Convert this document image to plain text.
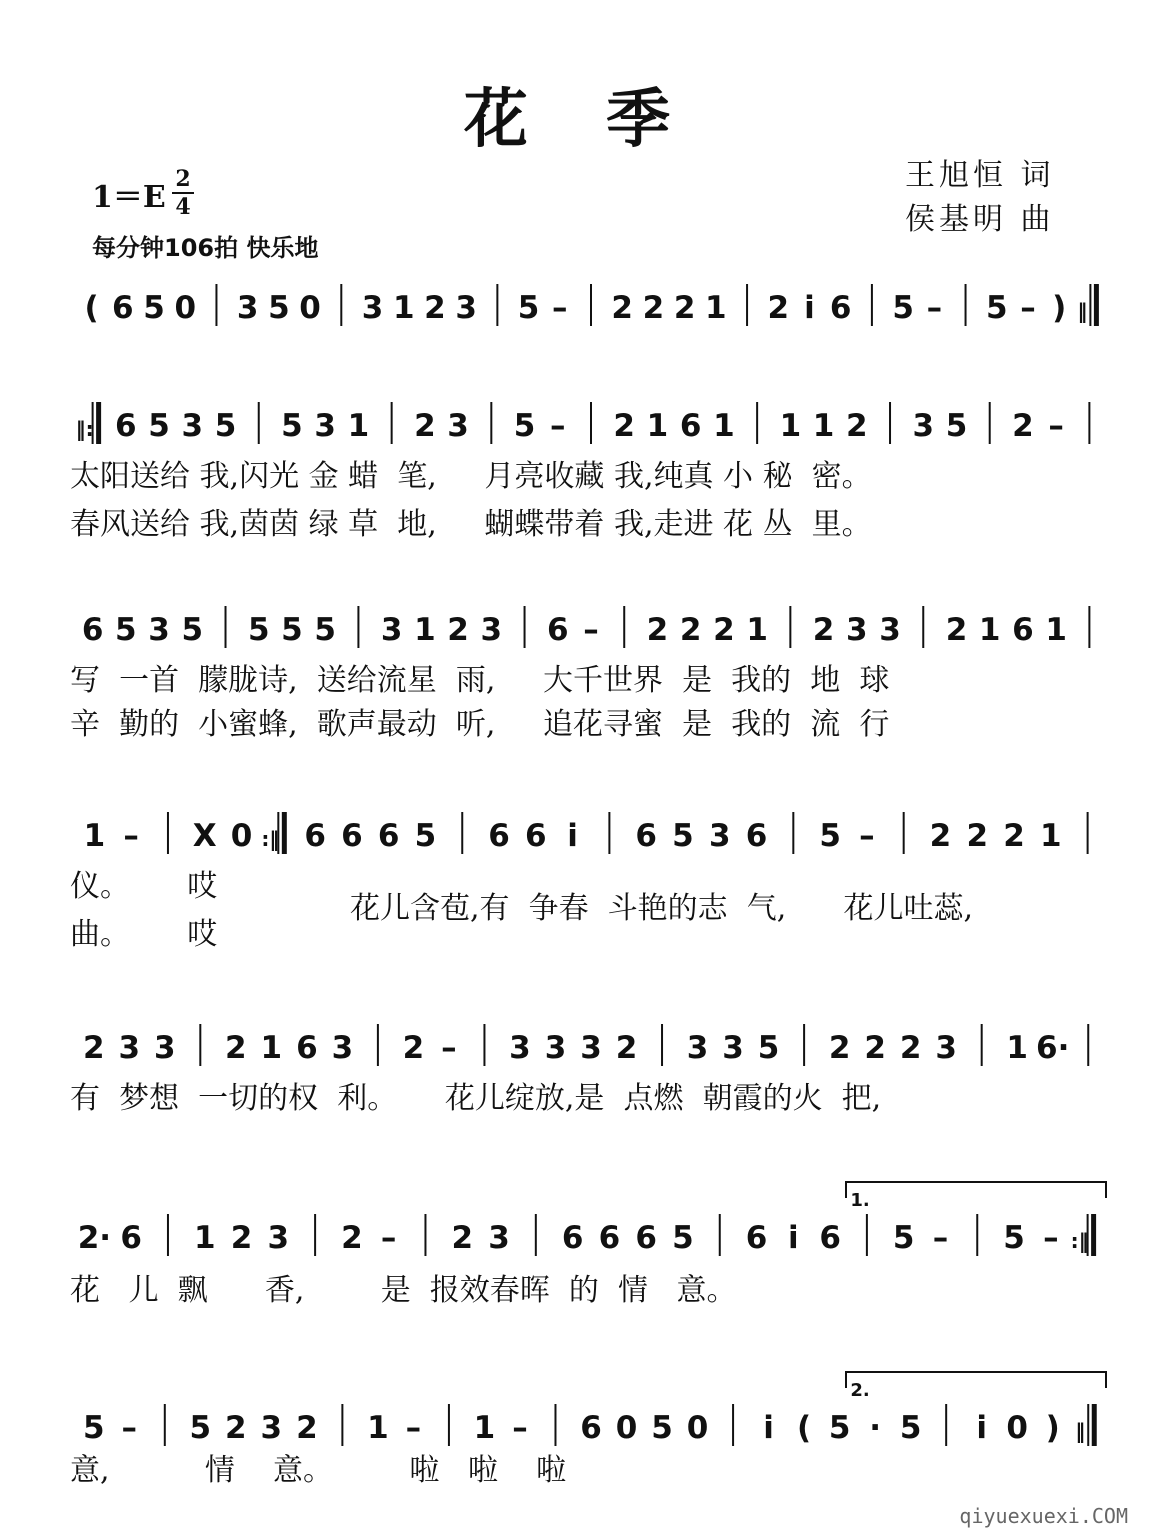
花 季
王旭恒 词
侯基明 曲
1＝E
2
4
每分钟106拍 快乐地
( 6 5 0 3 5 0 3 1 2 3 5 – 2 2 2 1 2 i 6 5 – 5 – ) ‖
‖: 6 5 3 5 5 3 1 2 3 5 – 2 1 6 1 1 1 2 3 5 2 –
太阳送给 我,闪光 金 蜡  笔,     月亮收藏 我,纯真 小 秘  密。
春风送给 我,茵茵 绿 草  地,     蝴蝶带着 我,走进 花 丛  里。
6 5 3 5 5 5 5 3 1 2 3 6 – 2 2 2 1 2 3 3 2 1 6 1
写  一首  朦胧诗,  送给流星  雨,     大千世界  是  我的  地  球
辛  勤的  小蜜蜂,  歌声最动  听,     追花寻蜜  是  我的  流  行
1 – X 0 :‖ 6 6 6 5 6 6 i 6 5 3 6 5 – 2 2 2 1
仪。      哎
曲。      哎
花儿含苞,有  争春  斗艳的志  气,      花儿吐蕊,
2 3 3 2 1 6 3 2 – 3 3 3 2 3 3 5 2 2 2 3 1 6·
有  梦想  一切的权  利。     花儿绽放,是  点燃  朝霞的火  把,
2· 6 1 2 3 2 – 2 3 6 6 6 5 6 i 6 5 – 5 – :‖
1.
花   儿  飘      香,        是  报效春晖  的  情   意。
5 – 5 2 3 2 1 – 1 – 6 0 5 0 i ( 5 · 5 i 0 ) ‖
2.
意,          情    意。        啦   啦    啦
qiyuexuexi.COM
